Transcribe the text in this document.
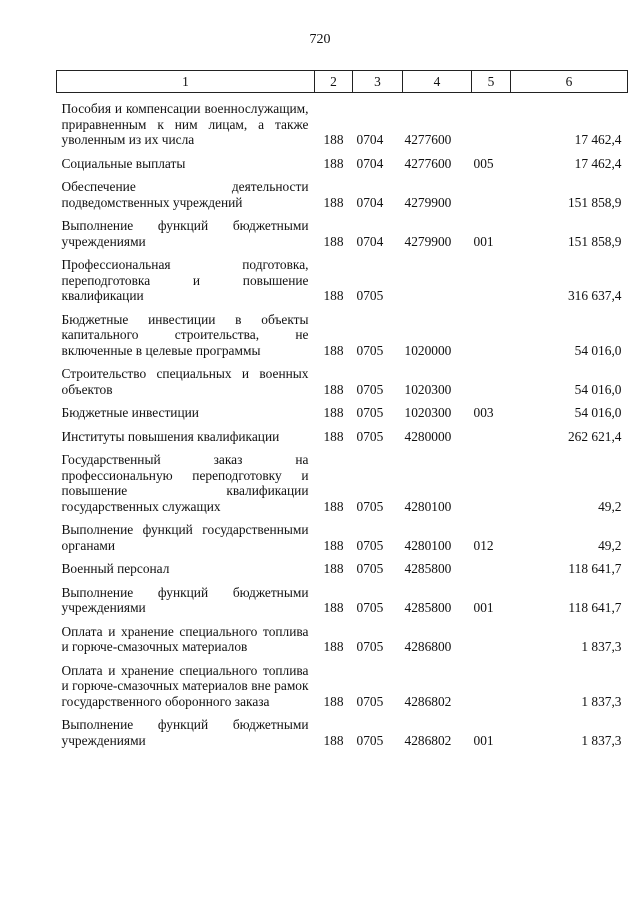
720
1	2	3	4	5	6
Пособия и компенсации военнослужащим, приравненным к ним лицам, а также уволенным из их числа	188	0704	4277600		17 462,4
Социальные выплаты	188	0704	4277600	005	17 462,4
Обеспечение деятельности подведомственных учреждений	188	0704	4279900		151 858,9
Выполнение функций бюджетными учреждениями	188	0704	4279900	001	151 858,9
Профессиональная подготовка, переподготовка и повышение квалификации	188	0705			316 637,4
Бюджетные инвестиции в объекты капитального строительства, не включенные в целевые программы	188	0705	1020000		54 016,0
Строительство специальных и военных объектов	188	0705	1020300		54 016,0
Бюджетные инвестиции	188	0705	1020300	003	54 016,0
Институты повышения квалификации	188	0705	4280000		262 621,4
Государственный заказ на профессиональную переподготовку и повышение квалификации государственных служащих	188	0705	4280100		49,2
Выполнение функций государственными органами	188	0705	4280100	012	49,2
Военный персонал	188	0705	4285800		118 641,7
Выполнение функций бюджетными учреждениями	188	0705	4285800	001	118 641,7
Оплата и хранение специального топлива и горюче-смазочных материалов	188	0705	4286800		1 837,3
Оплата и хранение специального топлива и горюче-смазочных материалов вне рамок государственного оборонного заказа	188	0705	4286802		1 837,3
Выполнение функций бюджетными учреждениями	188	0705	4286802	001	1 837,3
